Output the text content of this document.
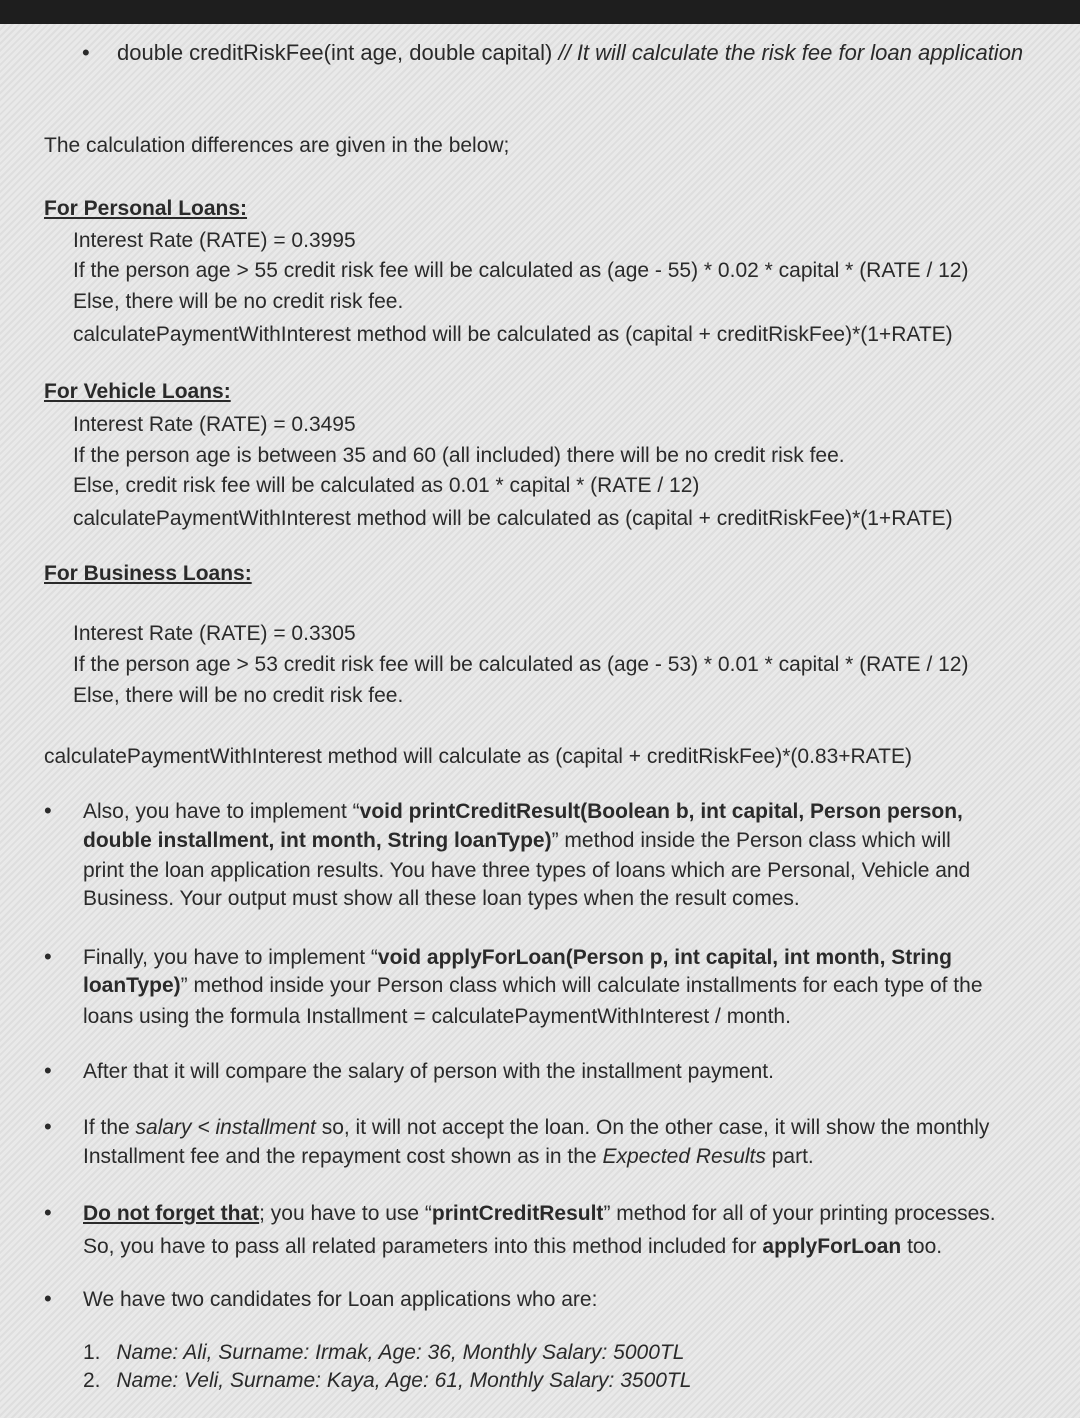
• double creditRiskFee(int age, double capital) // It will calculate the risk fee for loan application
The calculation differences are given in the below;
For Personal Loans:
Interest Rate (RATE) = 0.3995
If the person age > 55 credit risk fee will be calculated as (age - 55) * 0.02 * capital * (RATE / 12)
Else, there will be no credit risk fee.
calculatePaymentWithInterest method will be calculated as (capital + creditRiskFee)*(1+RATE)
For Vehicle Loans:
Interest Rate (RATE) = 0.3495
If the person age is between 35 and 60 (all included) there will be no credit risk fee.
Else, credit risk fee will be calculated as 0.01 * capital * (RATE / 12)
calculatePaymentWithInterest method will be calculated as (capital + creditRiskFee)*(1+RATE)
For Business Loans:
Interest Rate (RATE) = 0.3305
If the person age > 53 credit risk fee will be calculated as (age - 53) * 0.01 * capital * (RATE / 12)
Else, there will be no credit risk fee.
calculatePaymentWithInterest method will calculate as (capital + creditRiskFee)*(0.83+RATE)
• Also, you have to implement “void printCreditResult(Boolean b, int capital, Person person,
double installment, int month, String loanType)” method inside the Person class which will
print the loan application results. You have three types of loans which are Personal, Vehicle and
Business. Your output must show all these loan types when the result comes.
• Finally, you have to implement “void applyForLoan(Person p, int capital, int month, String
loanType)” method inside your Person class which will calculate installments for each type of the
loans using the formula Installment = calculatePaymentWithInterest / month.
• After that it will compare the salary of person with the installment payment.
• If the salary < installment so, it will not accept the loan. On the other case, it will show the monthly
Installment fee and the repayment cost shown as in the Expected Results part.
• Do not forget that; you have to use “printCreditResult” method for all of your printing processes.
So, you have to pass all related parameters into this method included for applyForLoan too.
• We have two candidates for Loan applications who are:
1. Name: Ali, Surname: Irmak, Age: 36, Monthly Salary: 5000TL
2. Name: Veli, Surname: Kaya, Age: 61, Monthly Salary: 3500TL
